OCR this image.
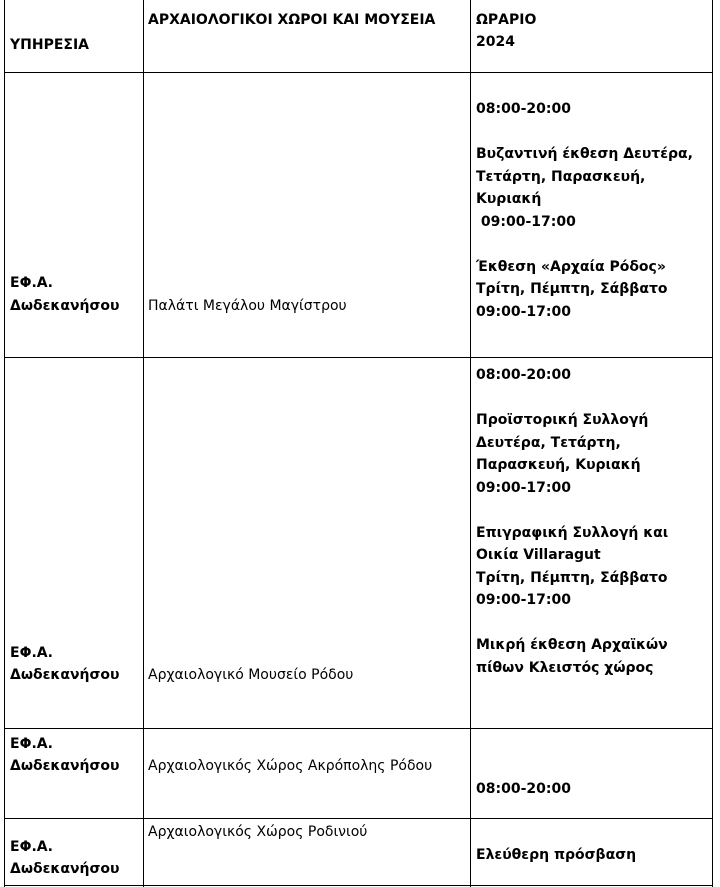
ΥΠΗΡΕΣΙΑ
ΑΡΧΑΙΟΛΟΓΙΚΟΙ ΧΩΡΟΙ ΚΑΙ ΜΟΥΣΕΙΑ	ΩΡΑΡΙΟ
2024
ΕΦ.Α.
Δωδεκανήσου Παλάτι Μεγάλου Μαγίστρου
08:00-20:00

Βυζαντινή έκθεση Δευτέρα,
Τετάρτη, Παρασκευή,
Κυριακή
09:00-17:00

Έκθεση «Αρχαία Ρόδος»
Τρίτη, Πέμπτη, Σάββατο
09:00-17:00
ΕΦ.Α.
Δωδεκανήσου Αρχαιολογικό Μουσείο Ρόδου
08:00-20:00

Προϊστορική Συλλογή
Δευτέρα, Τετάρτη,
Παρασκευή, Κυριακή
09:00-17:00

Επιγραφική Συλλογή και
Οικία Villaragut
Τρίτη, Πέμπτη, Σάββατο
09:00-17:00

Μικρή έκθεση Αρχαϊκών
πίθων Κλειστός χώρος
ΕΦ.Α.
Δωδεκανήσου Αρχαιολογικός Χώρος Ακρόπολης Ρόδου
08:00-20:00
Αρχαιολογικός Χώρος Ροδινιού
ΕΦ.Α.
Δωδεκανήσου
Ελεύθερη πρόσβαση
